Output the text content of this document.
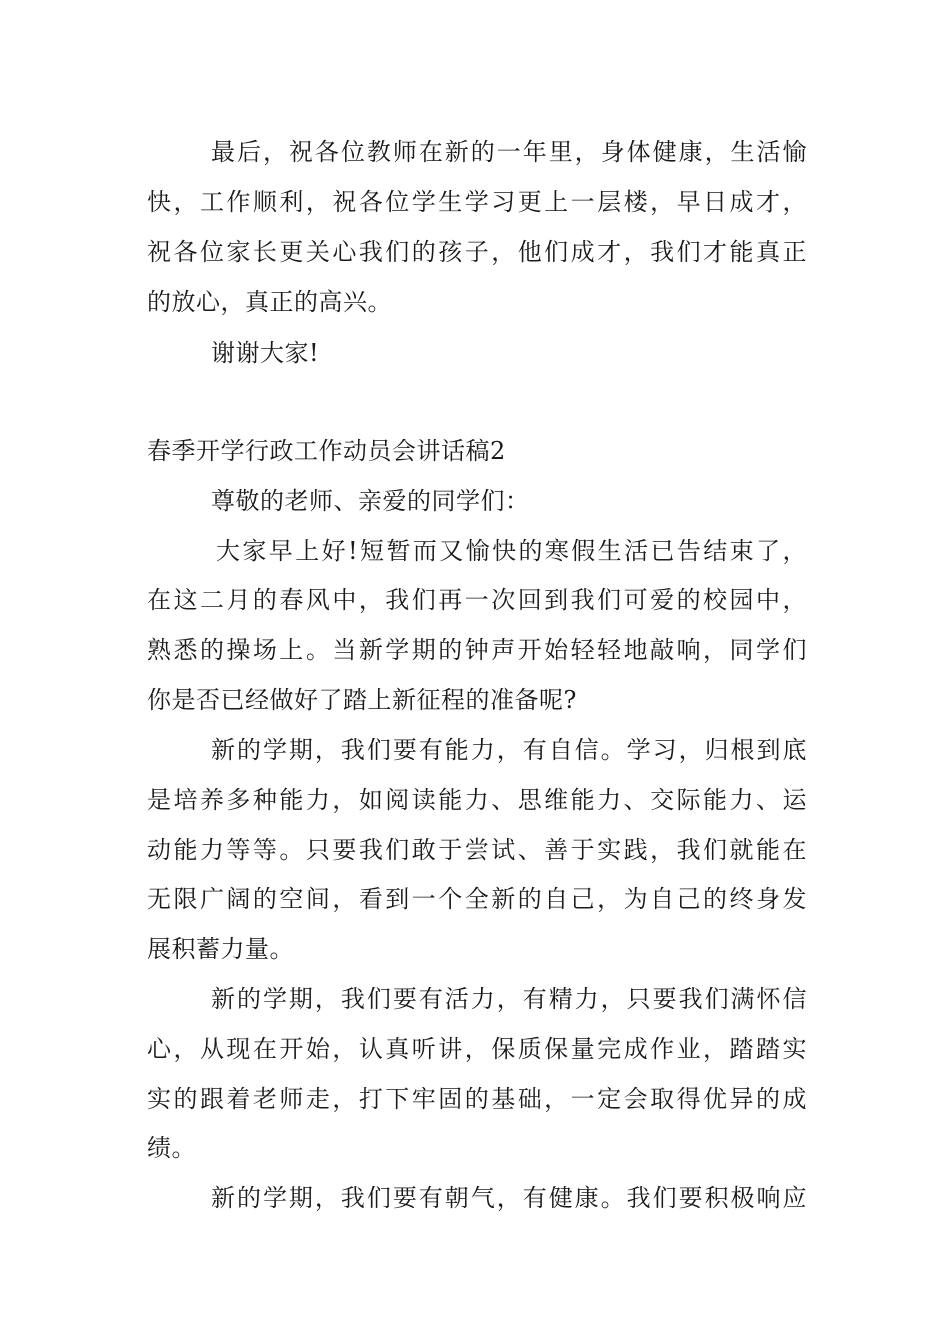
最后，祝各位教师在新的一年里，身体健康，生活愉
快，工作顺利，祝各位学生学习更上一层楼，早日成才，
祝各位家长更关心我们的孩子，他们成才，我们才能真正
的放心，真正的高兴。
谢谢大家!
春季开学行政工作动员会讲话稿2
尊敬的老师、亲爱的同学们：
大家早上好!短暂而又愉快的寒假生活已告结束了，
在这二月的春风中，我们再一次回到我们可爱的校园中，
熟悉的操场上。当新学期的钟声开始轻轻地敲响，同学们
你是否已经做好了踏上新征程的准备呢?
新的学期，我们要有能力，有自信。学习，归根到底
是培养多种能力，如阅读能力、思维能力、交际能力、运
动能力等等。只要我们敢于尝试、善于实践，我们就能在
无限广阔的空间，看到一个全新的自己，为自己的终身发
展积蓄力量。
新的学期，我们要有活力，有精力，只要我们满怀信
心，从现在开始，认真听讲，保质保量完成作业，踏踏实
实的跟着老师走，打下牢固的基础，一定会取得优异的成
绩。
新的学期，我们要有朝气，有健康。我们要积极响应
